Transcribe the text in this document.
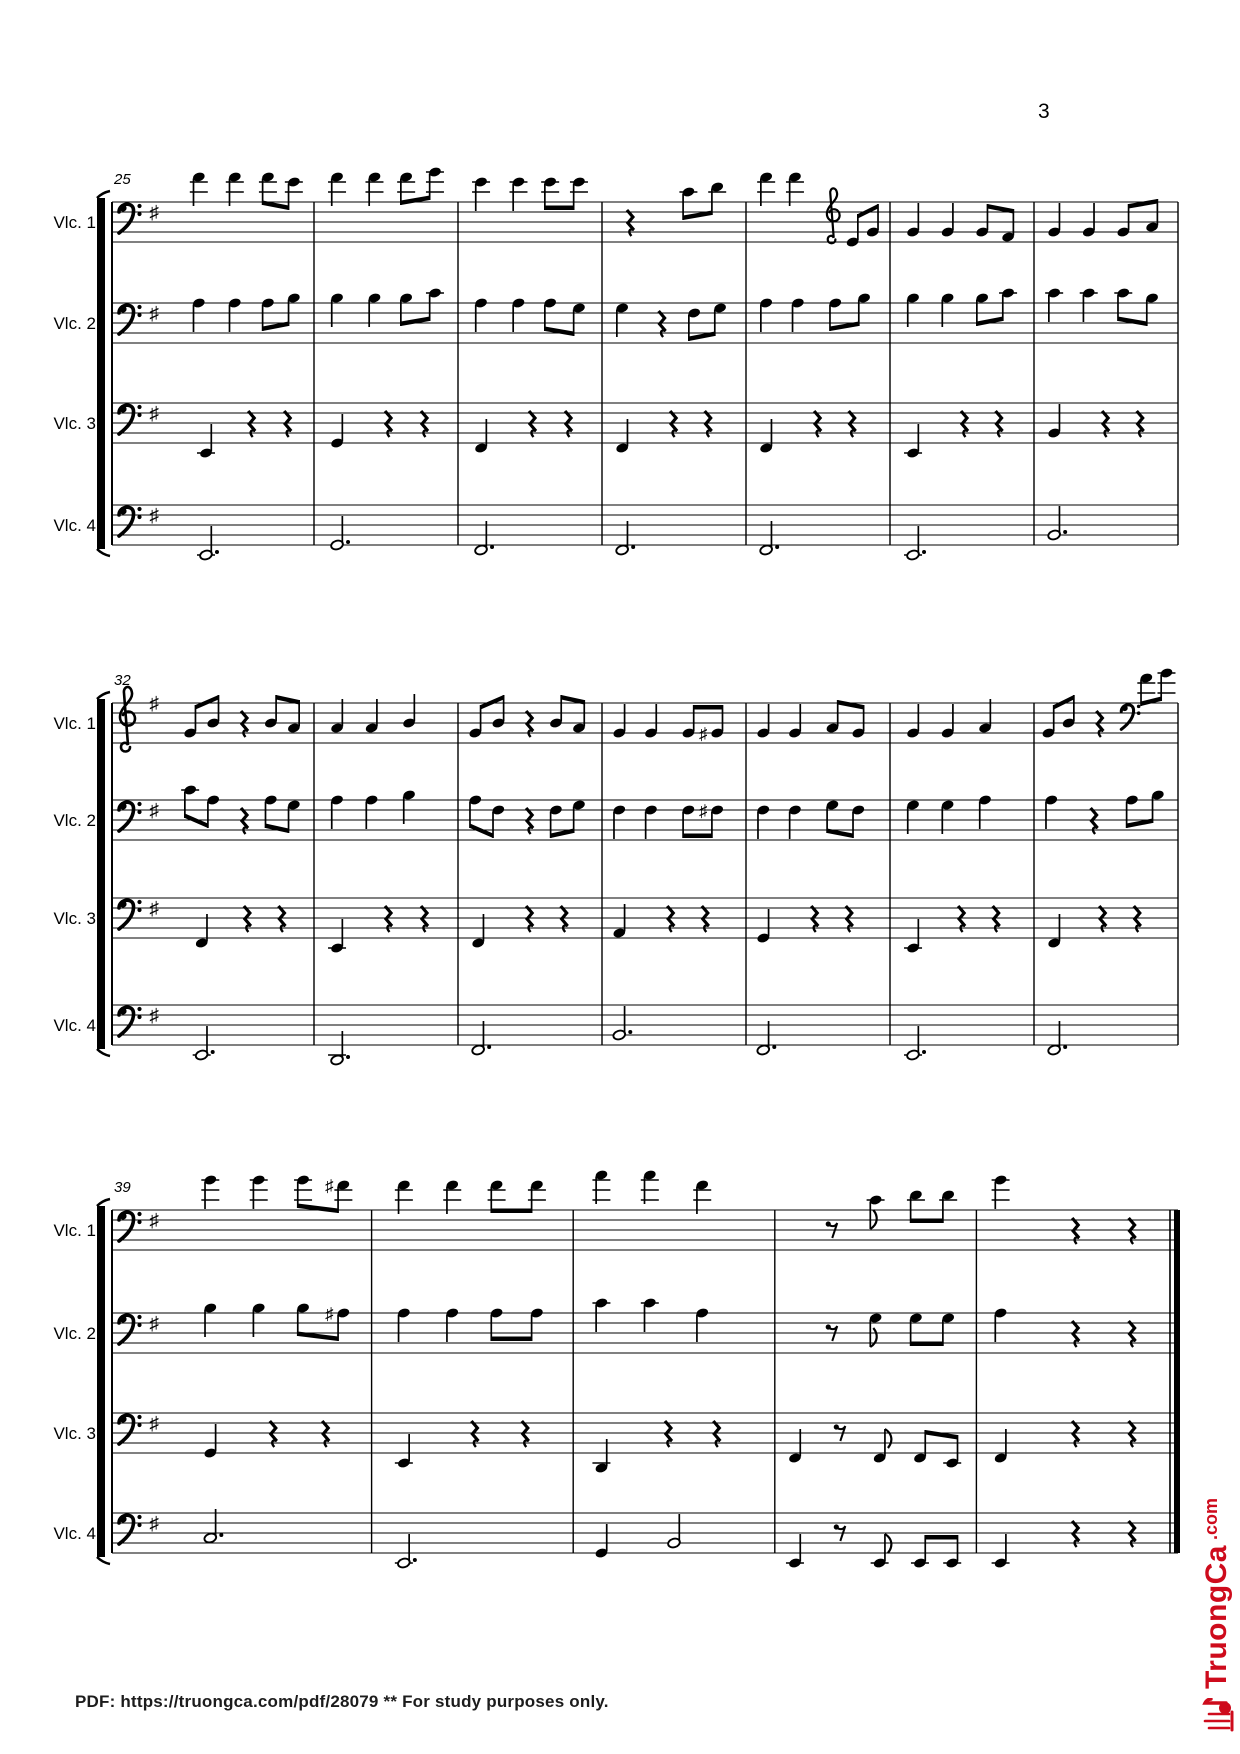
3
25
Vlc. 1	♯
Vlc. 2	♯
Vlc. 3	♯
Vlc. 4	♯
32
Vlc. 1
♯
♯
Vlc. 2	♯	♯
Vlc. 3	♯
Vlc. 4	♯
39
Vlc. 1	♯
♯
Vlc. 2	♯	♯
Vlc. 3	♯
Vlc. 4	♯
TruongCa
.com
PDF: https://truongca.com/pdf/28079 ** For study purposes only.
